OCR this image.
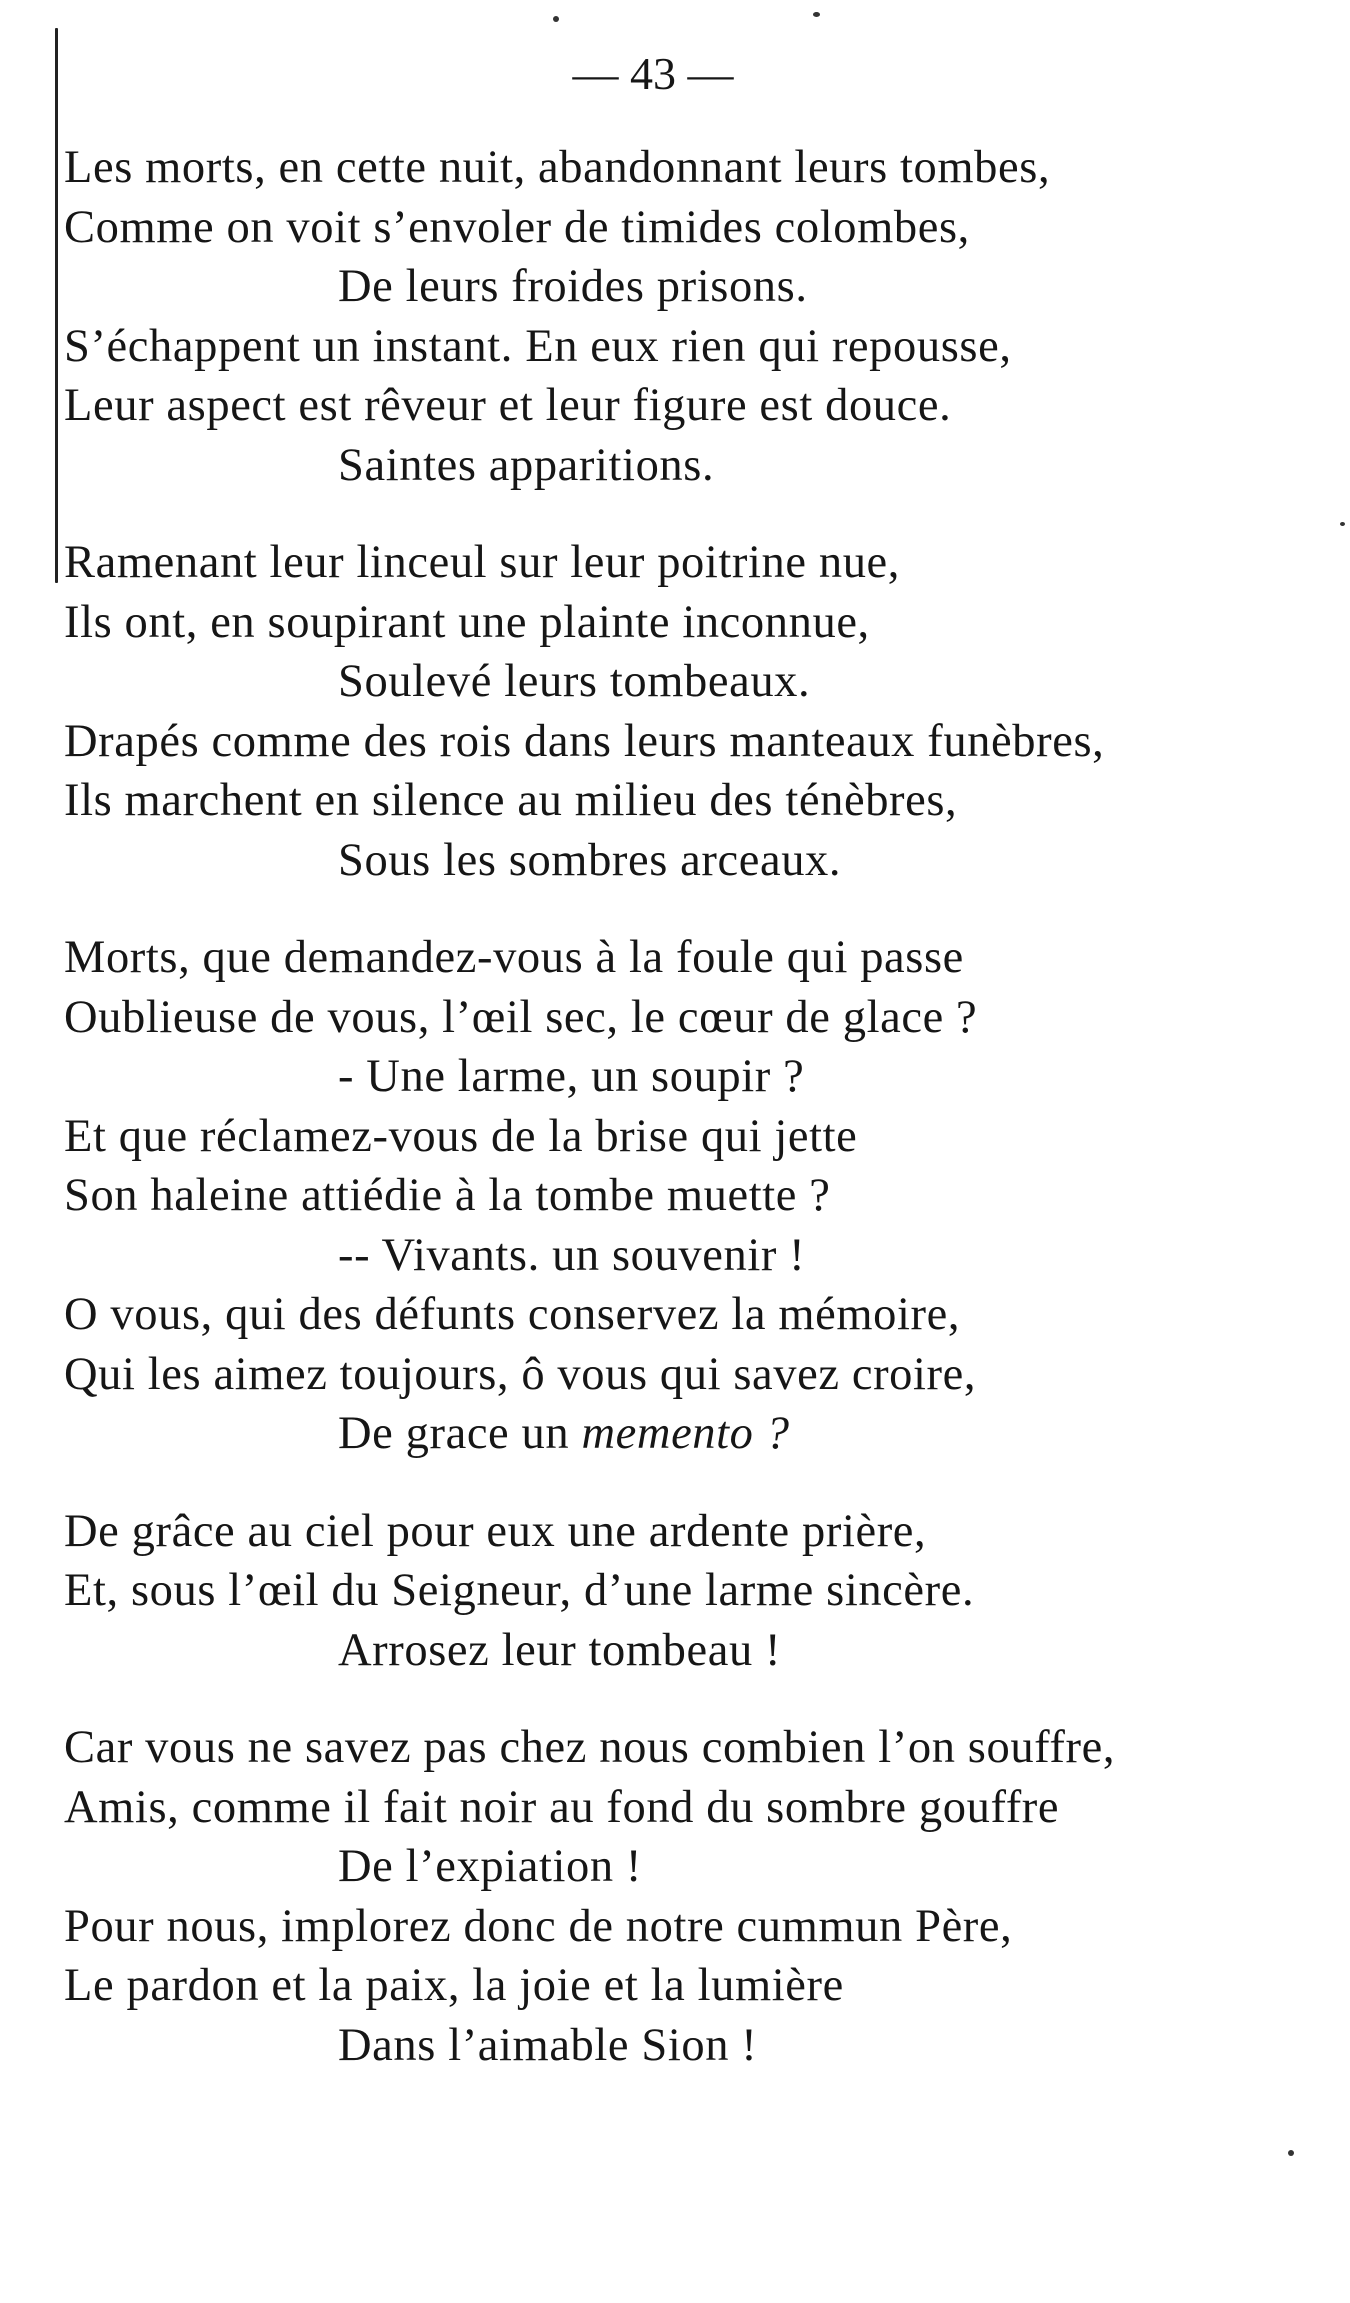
— 43 —
Les morts, en cette nuit, abandonnant leurs tombes,
Comme on voit s’envoler de timides colombes,
De leurs froides prisons.
S’échappent un instant. En eux rien qui repousse,
Leur aspect est rêveur et leur figure est douce.
Saintes apparitions.
Ramenant leur linceul sur leur poitrine nue,
Ils ont, en soupirant une plainte inconnue,
Soulevé leurs tombeaux.
Drapés comme des rois dans leurs manteaux funèbres,
Ils marchent en silence au milieu des ténèbres,
Sous les sombres arceaux.
Morts, que demandez-vous à la foule qui passe
Oublieuse de vous, l’œil sec, le cœur de glace ?
- Une larme, un soupir ?
Et que réclamez-vous de la brise qui jette
Son haleine attiédie à la tombe muette ?
-- Vivants. un souvenir !
O vous, qui des défunts conservez la mémoire,
Qui les aimez toujours, ô vous qui savez croire,
De grace un memento ?
De grâce au ciel pour eux une ardente prière,
Et, sous l’œil du Seigneur, d’une larme sincère.
Arrosez leur tombeau !
Car vous ne savez pas chez nous combien l’on souffre,
Amis, comme il fait noir au fond du sombre gouffre
De l’expiation !
Pour nous, implorez donc de notre cummun Père,
Le pardon et la paix, la joie et la lumière
Dans l’aimable Sion !
